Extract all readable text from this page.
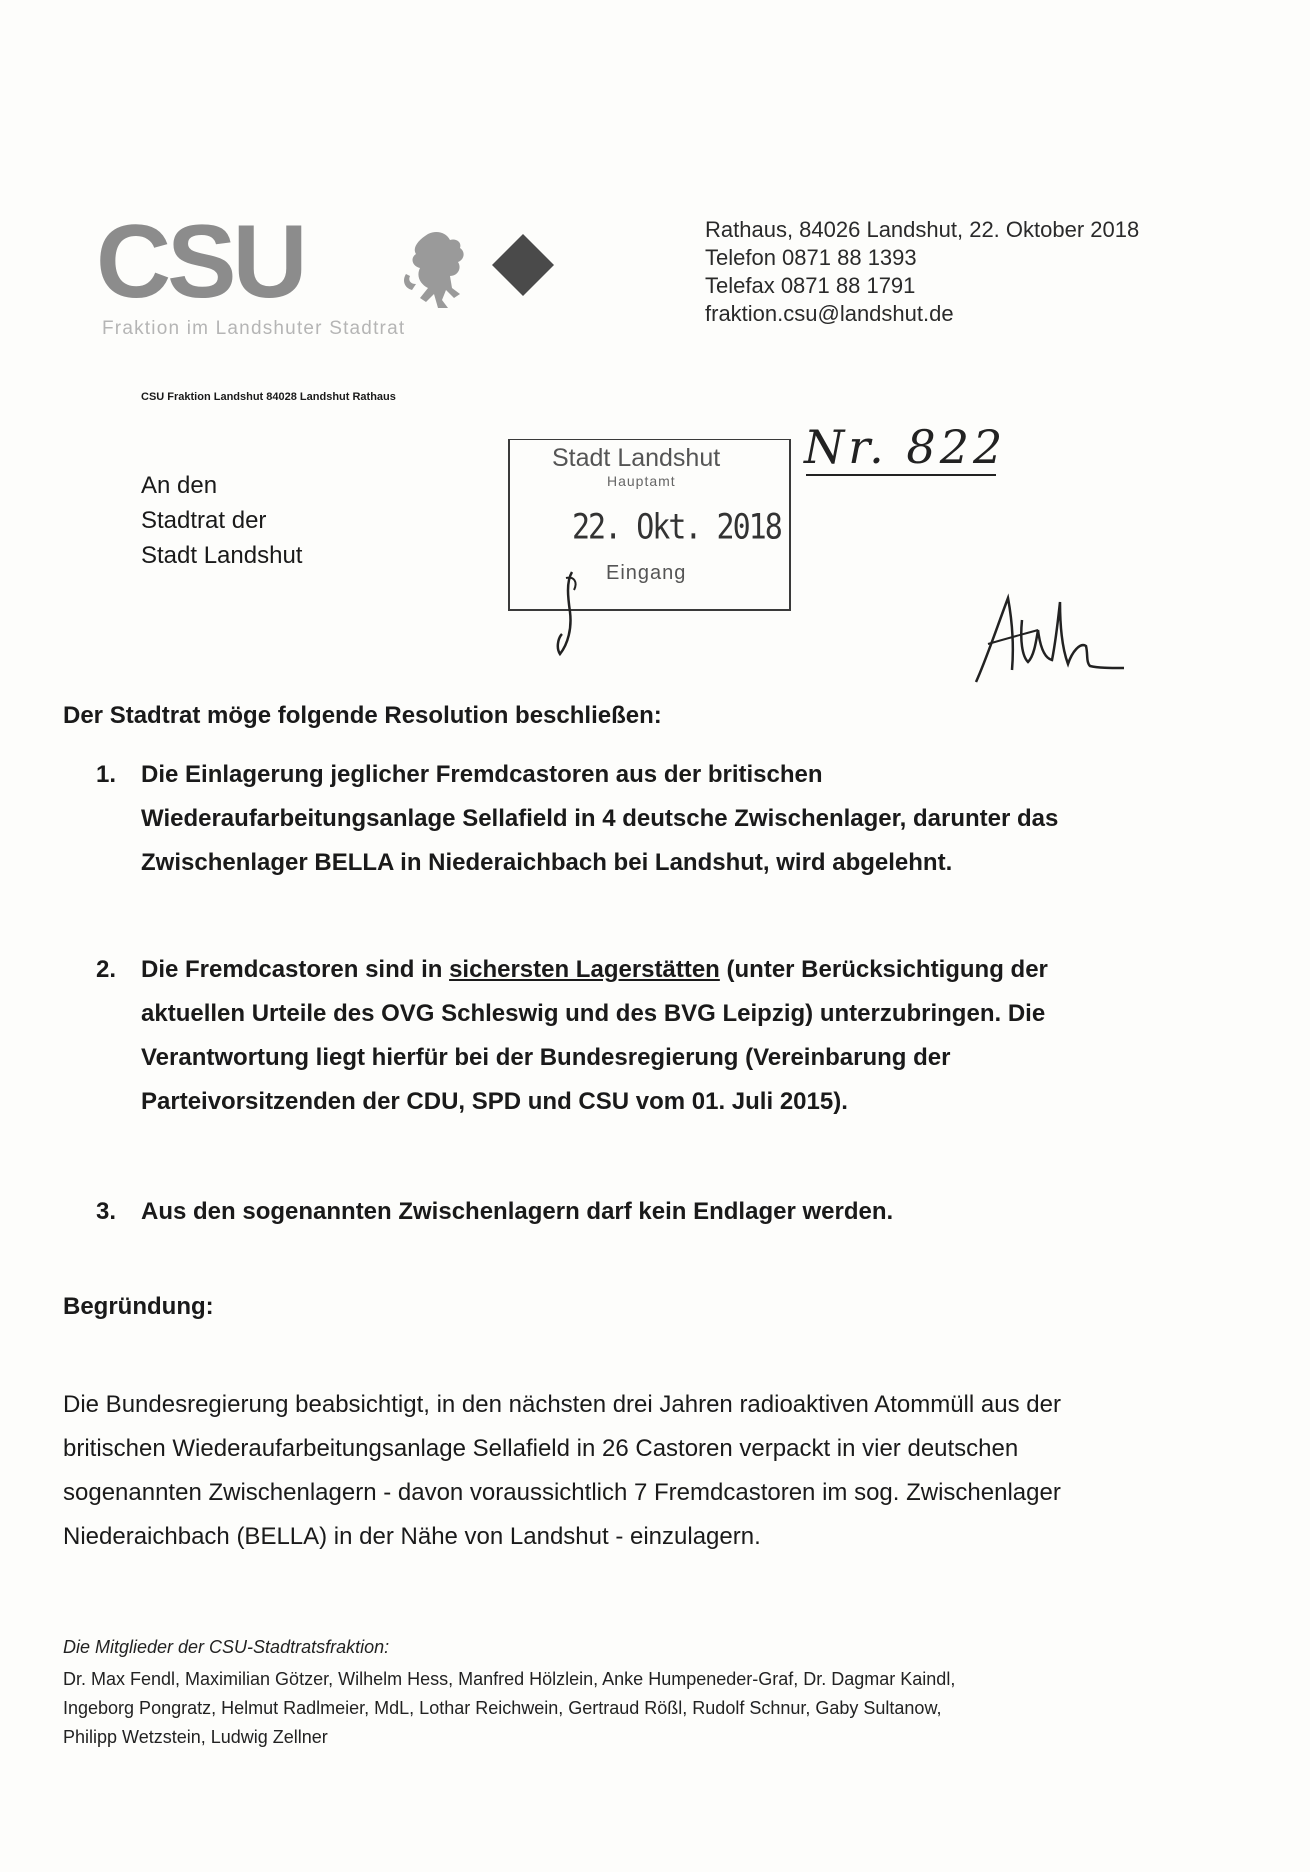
CSU
Fraktion im Landshuter Stadtrat
Rathaus, 84026 Landshut, 22. Oktober 2018
Telefon 0871 88 1393
Telefax 0871 88 1791
fraktion.csu@landshut.de
CSU Fraktion Landshut 84028 Landshut Rathaus
An den
Stadtrat der
Stadt Landshut
Stadt Landshut
Hauptamt
22. Okt. 2018
Eingang
Nr. 822
Der Stadtrat möge folgende Resolution beschließen:
1.	Die Einlagerung jeglicher Fremdcastoren aus der britischen
Wiederaufarbeitungsanlage Sellafield in 4 deutsche Zwischenlager, darunter das
Zwischenlager BELLA in Niederaichbach bei Landshut, wird abgelehnt.
2.	Die Fremdcastoren sind in sichersten Lagerstätten (unter Berücksichtigung der
aktuellen Urteile des OVG Schleswig und des BVG Leipzig) unterzubringen. Die
Verantwortung liegt hierfür bei der Bundesregierung (Vereinbarung der
Parteivorsitzenden der CDU, SPD und CSU vom 01. Juli 2015).
3.	Aus den sogenannten Zwischenlagern darf kein Endlager werden.
Begründung:
Die Bundesregierung beabsichtigt, in den nächsten drei Jahren radioaktiven Atommüll aus der
britischen Wiederaufarbeitungsanlage Sellafield in 26 Castoren verpackt in vier deutschen
sogenannten Zwischenlagern - davon voraussichtlich 7 Fremdcastoren im sog. Zwischenlager
Niederaichbach (BELLA) in der Nähe von Landshut - einzulagern.
Die Mitglieder der CSU-Stadtratsfraktion:
Dr. Max Fendl, Maximilian Götzer, Wilhelm Hess, Manfred Hölzlein, Anke Humpeneder-Graf, Dr. Dagmar Kaindl,
Ingeborg Pongratz, Helmut Radlmeier, MdL, Lothar Reichwein, Gertraud Rößl, Rudolf Schnur, Gaby Sultanow,
Philipp Wetzstein, Ludwig Zellner
